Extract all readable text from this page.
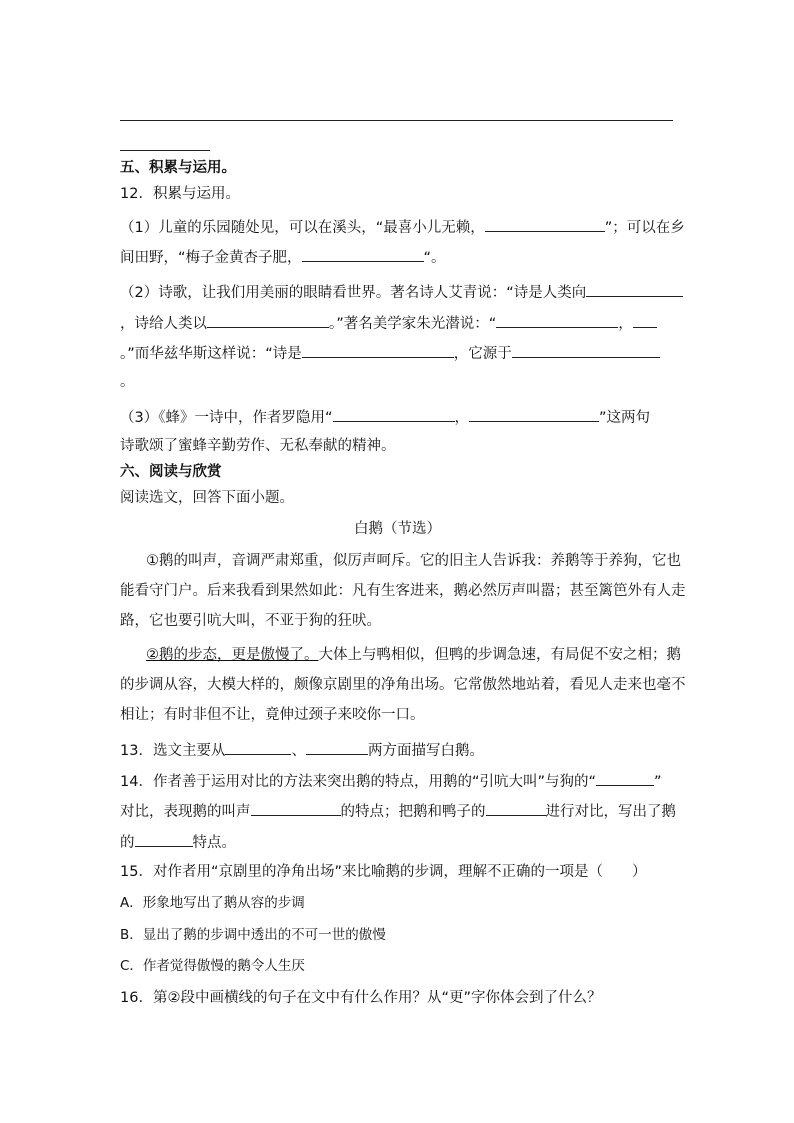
五、积累与运用。
12．积累与运用。
（1）儿童的乐园随处见，可以在溪头，“最喜小儿无赖，	”；可以在乡
间田野，“梅子金黄杏子肥，	“。
（2）诗歌，让我们用美丽的眼睛看世界。著名诗人艾青说：“诗是人类向
，诗给人类以	。”著名美学家朱光潜说：“	，
。”而华兹华斯这样说：“诗是	，它源于
。
（3）《蜂》一诗中，作者罗隐用“	，	”这两句
诗歌颂了蜜蜂辛勤劳作、无私奉献的精神。
六、阅读与欣赏
阅读选文，回答下面小题。
白鹅（节选）
①鹅的叫声，音调严肃郑重，似厉声呵斥。它的旧主人告诉我：养鹅等于养狗，它也
能看守门户。后来我看到果然如此：凡有生客进来，鹅必然厉声叫嚣；甚至篱笆外有人走
路，它也要引吭大叫，不亚于狗的狂吠。
②鹅的步态，更是傲慢了。大体上与鸭相似，但鸭的步调急速，有局促不安之相；鹅
的步调从容，大模大样的，颇像京剧里的净角出场。它常傲然地站着，看见人走来也毫不
相让；有时非但不让，竟伸过颈子来咬你一口。
13．选文主要从	、	两方面描写白鹅。
14．作者善于运用对比的方法来突出鹅的特点，用鹅的“引吭大叫”与狗的“	”
对比，表现鹅的叫声	的特点；把鹅和鸭子的	进行对比，写出了鹅
的	特点。
15．对作者用“京剧里的净角出场”来比喻鹅的步调，理解不正确的一项是（　　）
A．形象地写出了鹅从容的步调
B．显出了鹅的步调中透出的不可一世的傲慢
C．作者觉得傲慢的鹅令人生厌
16．第②段中画横线的句子在文中有什么作用？从“更”字你体会到了什么？
